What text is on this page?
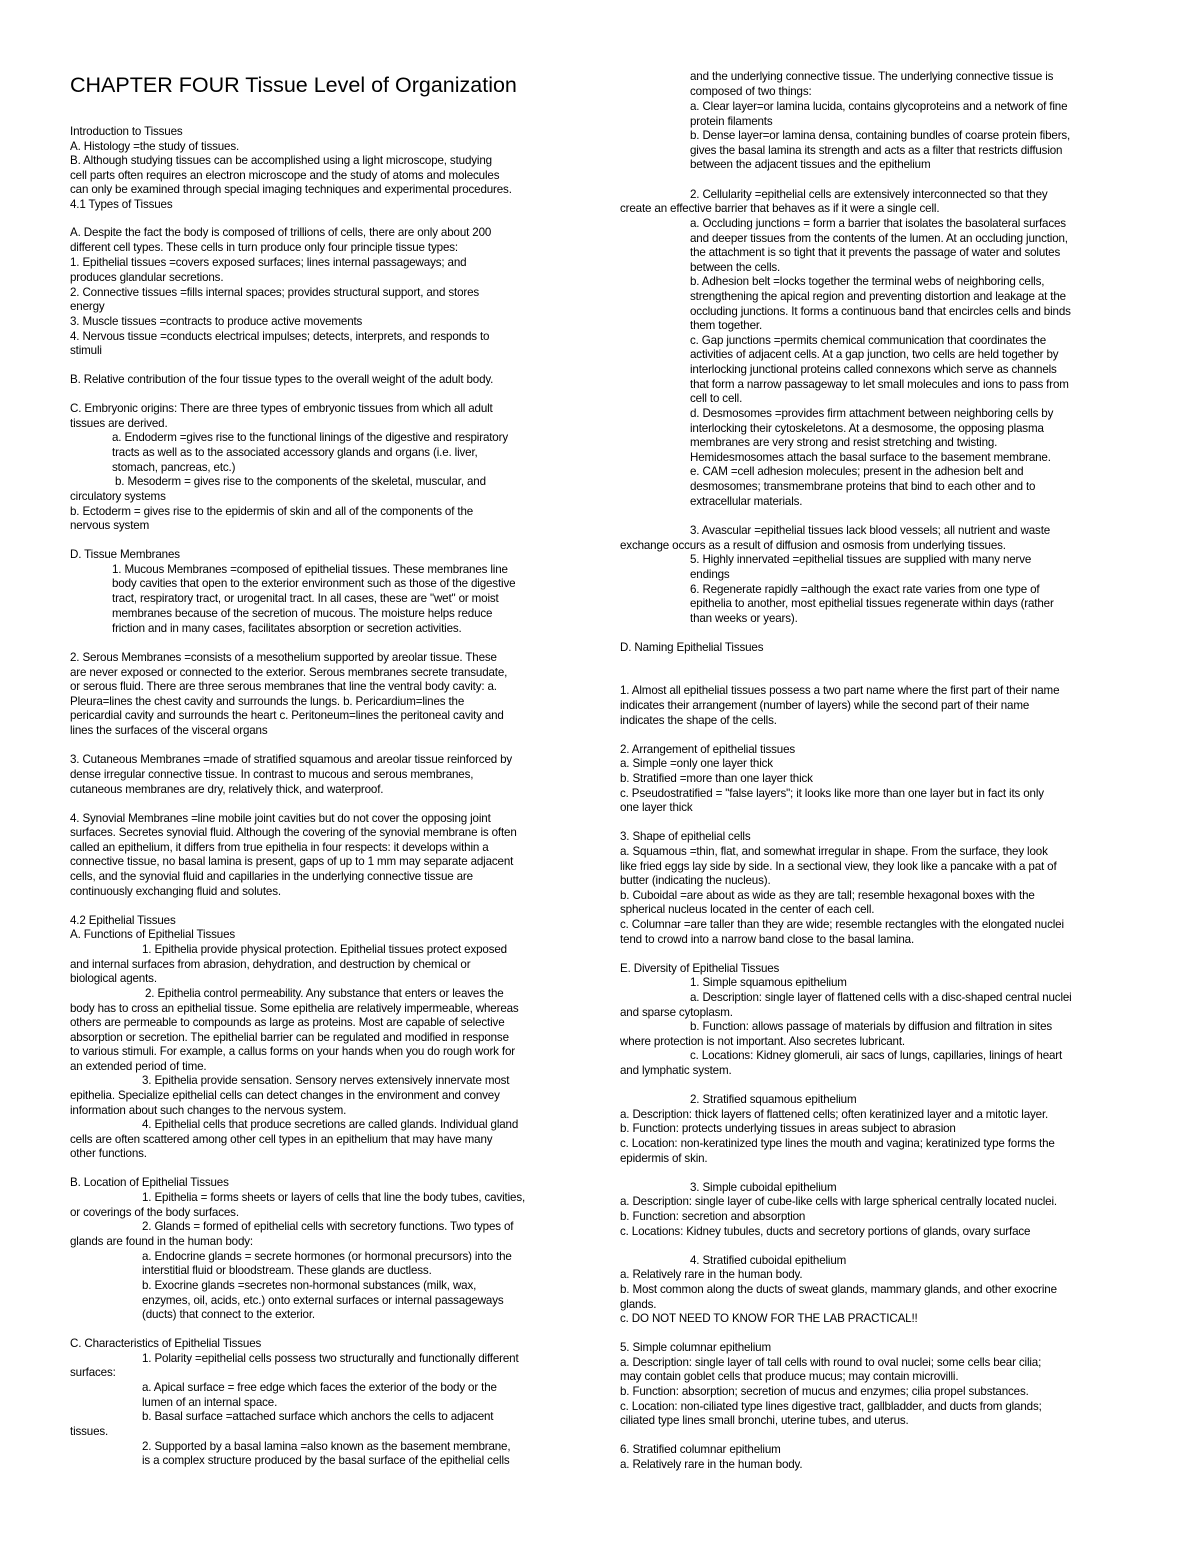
CHAPTER FOUR Tissue Level of Organization
Introduction to Tissues
A. Histology =the study of tissues.
B. Although studying tissues can be accomplished using a light microscope, studying
cell parts often requires an electron microscope and the study of atoms and molecules
can only be examined through special imaging techniques and experimental procedures.
4.1 Types of Tissues
A. Despite the fact the body is composed of trillions of cells, there are only about 200
different cell types. These cells in turn produce only four principle tissue types:
1. Epithelial tissues =covers exposed surfaces; lines internal passageways; and
produces glandular secretions.
2. Connective tissues =fills internal spaces; provides structural support, and stores
energy
3. Muscle tissues =contracts to produce active movements
4. Nervous tissue =conducts electrical impulses; detects, interprets, and responds to
stimuli
B. Relative contribution of the four tissue types to the overall weight of the adult body.
C. Embryonic origins: There are three types of embryonic tissues from which all adult
tissues are derived.
a. Endoderm =gives rise to the functional linings of the digestive and respiratory
tracts as well as to the associated accessory glands and organs (i.e. liver,
stomach, pancreas, etc.)
b. Mesoderm = gives rise to the components of the skeletal, muscular, and
circulatory systems
b. Ectoderm = gives rise to the epidermis of skin and all of the components of the
nervous system
D. Tissue Membranes
1. Mucous Membranes =composed of epithelial tissues. These membranes line
body cavities that open to the exterior environment such as those of the digestive
tract, respiratory tract, or urogenital tract. In all cases, these are "wet" or moist
membranes because of the secretion of mucous. The moisture helps reduce
friction and in many cases, facilitates absorption or secretion activities.
2. Serous Membranes =consists of a mesothelium supported by areolar tissue. These
are never exposed or connected to the exterior. Serous membranes secrete transudate,
or serous fluid. There are three serous membranes that line the ventral body cavity: a.
Pleura=lines the chest cavity and surrounds the lungs. b. Pericardium=lines the
pericardial cavity and surrounds the heart c. Peritoneum=lines the peritoneal cavity and
lines the surfaces of the visceral organs
3. Cutaneous Membranes =made of stratified squamous and areolar tissue reinforced by
dense irregular connective tissue. In contrast to mucous and serous membranes,
cutaneous membranes are dry, relatively thick, and waterproof.
4. Synovial Membranes =line mobile joint cavities but do not cover the opposing joint
surfaces. Secretes synovial fluid. Although the covering of the synovial membrane is often
called an epithelium, it differs from true epithelia in four respects: it develops within a
connective tissue, no basal lamina is present, gaps of up to 1 mm may separate adjacent
cells, and the synovial fluid and capillaries in the underlying connective tissue are
continuously exchanging fluid and solutes.
4.2 Epithelial Tissues
A. Functions of Epithelial Tissues
1. Epithelia provide physical protection. Epithelial tissues protect exposed
and internal surfaces from abrasion, dehydration, and destruction by chemical or
biological agents.
2. Epithelia control permeability. Any substance that enters or leaves the
body has to cross an epithelial tissue. Some epithelia are relatively impermeable, whereas
others are permeable to compounds as large as proteins. Most are capable of selective
absorption or secretion. The epithelial barrier can be regulated and modified in response
to various stimuli. For example, a callus forms on your hands when you do rough work for
an extended period of time.
3. Epithelia provide sensation. Sensory nerves extensively innervate most
epithelia. Specialize epithelial cells can detect changes in the environment and convey
information about such changes to the nervous system.
4. Epithelial cells that produce secretions are called glands. Individual gland
cells are often scattered among other cell types in an epithelium that may have many
other functions.
B. Location of Epithelial Tissues
1. Epithelia = forms sheets or layers of cells that line the body tubes, cavities,
or coverings of the body surfaces.
2. Glands = formed of epithelial cells with secretory functions. Two types of
glands are found in the human body:
a. Endocrine glands = secrete hormones (or hormonal precursors) into the
interstitial fluid or bloodstream. These glands are ductless.
b. Exocrine glands =secretes non-hormonal substances (milk, wax,
enzymes, oil, acids, etc.) onto external surfaces or internal passageways
(ducts) that connect to the exterior.
C. Characteristics of Epithelial Tissues
1. Polarity =epithelial cells possess two structurally and functionally different
surfaces:
a. Apical surface = free edge which faces the exterior of the body or the
lumen of an internal space.
b. Basal surface =attached surface which anchors the cells to adjacent
tissues.
2. Supported by a basal lamina =also known as the basement membrane,
is a complex structure produced by the basal surface of the epithelial cells
and the underlying connective tissue. The underlying connective tissue is
composed of two things:
a. Clear layer=or lamina lucida, contains glycoproteins and a network of fine
protein filaments
b. Dense layer=or lamina densa, containing bundles of coarse protein fibers,
gives the basal lamina its strength and acts as a filter that restricts diffusion
between the adjacent tissues and the epithelium
2. Cellularity =epithelial cells are extensively interconnected so that they
create an effective barrier that behaves as if it were a single cell.
a. Occluding junctions = form a barrier that isolates the basolateral surfaces
and deeper tissues from the contents of the lumen. At an occluding junction,
the attachment is so tight that it prevents the passage of water and solutes
between the cells.
b. Adhesion belt =locks together the terminal webs of neighboring cells,
strengthening the apical region and preventing distortion and leakage at the
occluding junctions. It forms a continuous band that encircles cells and binds
them together.
c. Gap junctions =permits chemical communication that coordinates the
activities of adjacent cells. At a gap junction, two cells are held together by
interlocking junctional proteins called connexons which serve as channels
that form a narrow passageway to let small molecules and ions to pass from
cell to cell.
d. Desmosomes =provides firm attachment between neighboring cells by
interlocking their cytoskeletons. At a desmosome, the opposing plasma
membranes are very strong and resist stretching and twisting.
Hemidesmosomes attach the basal surface to the basement membrane.
e. CAM =cell adhesion molecules; present in the adhesion belt and
desmosomes; transmembrane proteins that bind to each other and to
extracellular materials.
3. Avascular =epithelial tissues lack blood vessels; all nutrient and waste
exchange occurs as a result of diffusion and osmosis from underlying tissues.
5. Highly innervated =epithelial tissues are supplied with many nerve
endings
6. Regenerate rapidly =although the exact rate varies from one type of
epithelia to another, most epithelial tissues regenerate within days (rather
than weeks or years).
D. Naming Epithelial Tissues
1. Almost all epithelial tissues possess a two part name where the first part of their name
indicates their arrangement (number of layers) while the second part of their name
indicates the shape of the cells.
2. Arrangement of epithelial tissues
a. Simple =only one layer thick
b. Stratified =more than one layer thick
c. Pseudostratified = "false layers"; it looks like more than one layer but in fact its only
one layer thick
3. Shape of epithelial cells
a. Squamous =thin, flat, and somewhat irregular in shape. From the surface, they look
like fried eggs lay side by side. In a sectional view, they look like a pancake with a pat of
butter (indicating the nucleus).
b. Cuboidal =are about as wide as they are tall; resemble hexagonal boxes with the
spherical nucleus located in the center of each cell.
c. Columnar =are taller than they are wide; resemble rectangles with the elongated nuclei
tend to crowd into a narrow band close to the basal lamina.
E. Diversity of Epithelial Tissues
1. Simple squamous epithelium
a. Description: single layer of flattened cells with a disc-shaped central nuclei
and sparse cytoplasm.
b. Function: allows passage of materials by diffusion and filtration in sites
where protection is not important. Also secretes lubricant.
c. Locations: Kidney glomeruli, air sacs of lungs, capillaries, linings of heart
and lymphatic system.
2. Stratified squamous epithelium
a. Description: thick layers of flattened cells; often keratinized layer and a mitotic layer.
b. Function: protects underlying tissues in areas subject to abrasion
c. Location: non-keratinized type lines the mouth and vagina; keratinized type forms the
epidermis of skin.
3. Simple cuboidal epithelium
a. Description: single layer of cube-like cells with large spherical centrally located nuclei.
b. Function: secretion and absorption
c. Locations: Kidney tubules, ducts and secretory portions of glands, ovary surface
4. Stratified cuboidal epithelium
a. Relatively rare in the human body.
b. Most common along the ducts of sweat glands, mammary glands, and other exocrine
glands.
c. DO NOT NEED TO KNOW FOR THE LAB PRACTICAL!!
5. Simple columnar epithelium
a. Description: single layer of tall cells with round to oval nuclei; some cells bear cilia;
may contain goblet cells that produce mucus; may contain microvilli.
b. Function: absorption; secretion of mucus and enzymes; cilia propel substances.
c. Location: non-ciliated type lines digestive tract, gallbladder, and ducts from glands;
ciliated type lines small bronchi, uterine tubes, and uterus.
6. Stratified columnar epithelium
a. Relatively rare in the human body.
